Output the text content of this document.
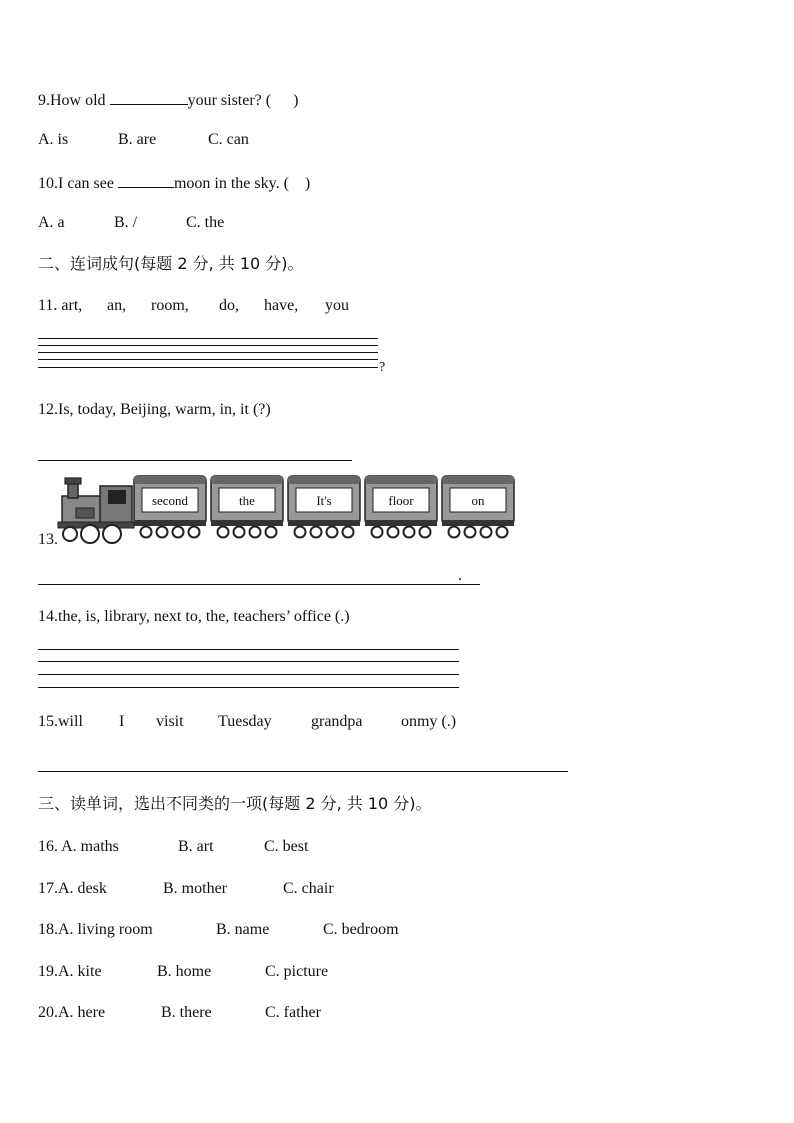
9.How old	your sister? ( )
A. is	B. are	C. can
10.I can see	moon in the sky. ( )
A. a	B. /	C. the
二、连词成句(每题 2 分, 共 10 分)。
11. art, an, room, do, have, you
?
12.Is, today, Beijing, warm, in, it (?)
13.
second	the	It's	floor	on
.
14.the, is, library, next to, the, teachers’ office (.)
15.will I visit Tuesday grandpa onmy (.)
三、读单词，选出不同类的一项(每题 2 分, 共 10 分)。
16. A. maths	B. art	C. best
17.A. desk	B. mother	C. chair
18.A. living room	B. name	C. bedroom
19.A. kite	B. home	C. picture
20.A. here	B. there	C. father
